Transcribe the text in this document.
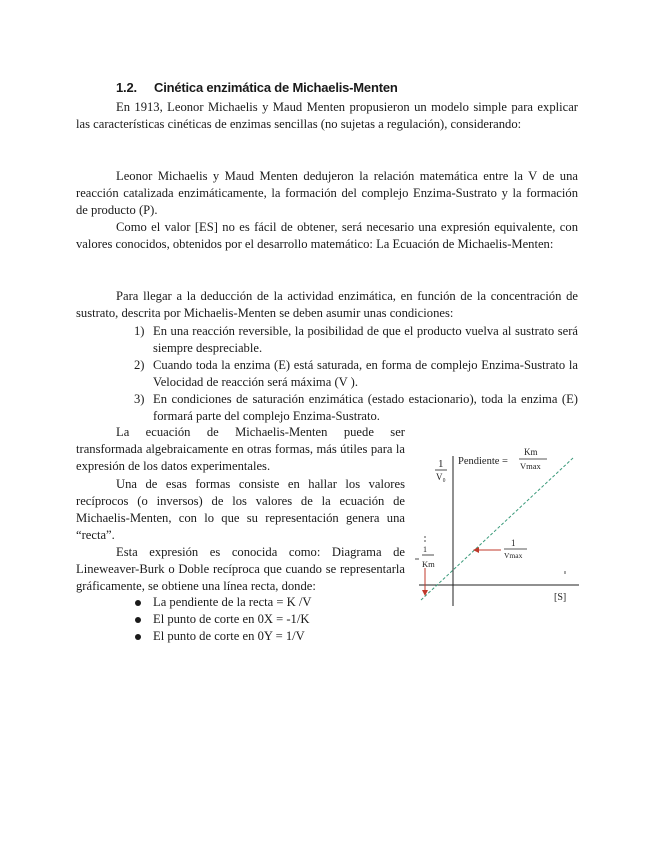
1.2. Cinética enzimática de Michaelis-Menten

En 1913, Leonor Michaelis y Maud Menten propusieron un modelo simple para explicar las características cinéticas de enzimas sencillas (no sujetas a regulación), considerando:

Leonor Michaelis y Maud Menten dedujeron la relación matemática entre la V de una reacción catalizada enzimáticamente, la formación del complejo Enzima-Sustrato y la formación de producto (P).

Como el valor [ES] no es fácil de obtener, será necesario una expresión equivalente, con valores conocidos, obtenidos por el desarrollo matemático: La Ecuación de Michaelis-Menten:

Para llegar a la deducción de la actividad enzimática, en función de la concentración de sustrato, descrita por Michaelis-Menten se deben asumir unas condiciones:

1) En una reacción reversible, la posibilidad de que el producto vuelva al sustrato será siempre despreciable.
2) Cuando toda la enzima (E) está saturada, en forma de complejo Enzima-Sustrato la Velocidad de reacción será máxima (V ).
3) En condiciones de saturación enzimática (estado estacionario), toda la enzima (E) formará parte del complejo Enzima-Sustrato.

La ecuación de Michaelis-Menten puede ser transformada algebraicamente en otras formas, más útiles para la expresión de los datos experimentales.

Una de esas formas consiste en hallar los valores recíprocos (o inversos) de los valores de la ecuación de Michaelis-Menten, con lo que su representación genera una “recta”.

Esta expresión es conocida como: Diagrama de Lineweaver-Burk o Doble recíproca que cuando se representarla gráficamente, se obtiene una línea recta, donde:

La pendiente de la recta = K /V
El punto de corte en 0X = -1/K
El punto de corte en 0Y = 1/V
1
V₀
Pendiente =
Km
Vmax
1
Vmax
[S]
1
Km
